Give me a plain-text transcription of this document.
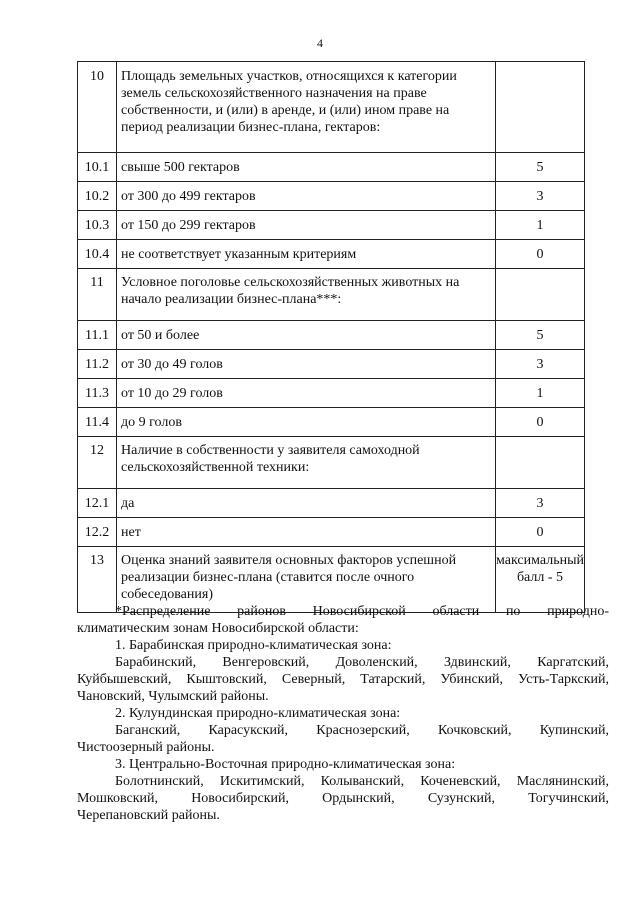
4
10	Площадь земельных участков, относящихся к категории земель сельскохозяйственного назначения на праве собственности, и (или) в аренде, и (или) ином праве на период реализации бизнес-плана, гектаров:	
10.1	свыше 500 гектаров	5
10.2	от 300 до 499 гектаров	3
10.3	от 150 до 299 гектаров	1
10.4	не соответствует указанным критериям	0
11	Условное поголовье сельскохозяйственных животных на начало реализации бизнес-плана***:	
11.1	от 50 и более	5
11.2	от 30 до 49 голов	3
11.3	от 10 до 29 голов	1
11.4	до 9 голов	0
12	Наличие в собственности у заявителя самоходной сельскохозяйственной техники:	
12.1	да	3
12.2	нет	0
13	Оценка знаний заявителя основных факторов успешной реализации бизнес-плана (ставится после очного собеседования)	максимальный балл - 5
*Распределение районов Новосибирской области по природно-
климатическим зонам Новосибирской области:
1. Барабинская природно-климатическая зона:
Барабинский, Венгеровский, Доволенский, Здвинский, Каргатский,
Куйбышевский, Кыштовский, Северный, Татарский, Убинский, Усть-Таркский,
Чановский, Чулымский районы.
2. Кулундинская природно-климатическая зона:
Баганский, Карасукский, Краснозерский, Кочковский, Купинский,
Чистоозерный районы.
3. Центрально-Восточная природно-климатическая зона:
Болотнинский, Искитимский, Колыванский, Коченевский, Маслянинский,
Мошковский, Новосибирский, Ордынский, Сузунский, Тогучинский,
Черепановский районы.
